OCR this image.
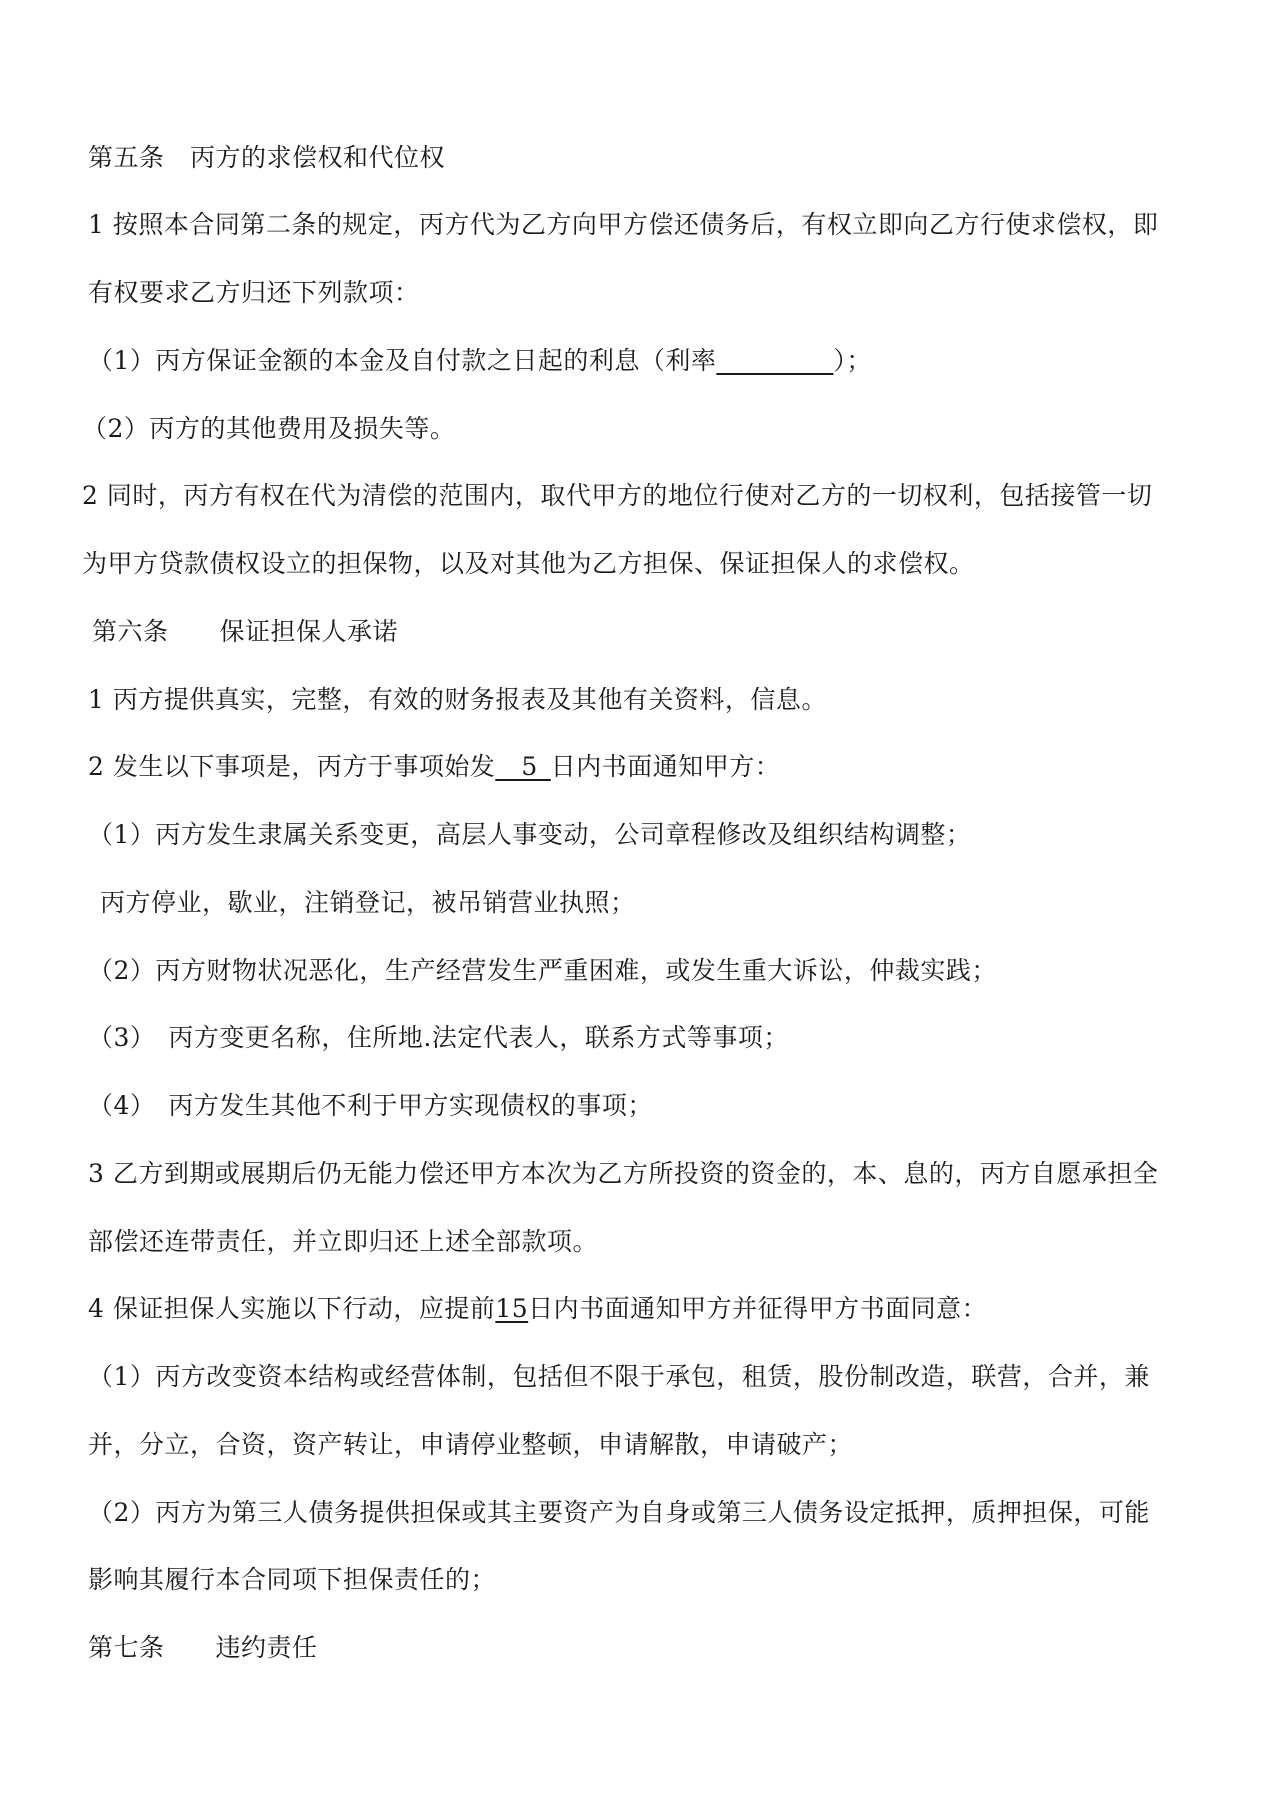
第五条　丙方的求偿权和代位权
1 按照本合同第二条的规定，丙方代为乙方向甲方偿还债务后，有权立即向乙方行使求偿权，即
有权要求乙方归还下列款项：
（1）丙方保证金额的本金及自付款之日起的利息（利率_________）；
（2）丙方的其他费用及损失等。
2 同时，丙方有权在代为清偿的范围内，取代甲方的地位行使对乙方的一切权利，包括接管一切
为甲方贷款债权设立的担保物，以及对其他为乙方担保、保证担保人的求偿权。
第六条　　保证担保人承诺
1 丙方提供真实，完整，有效的财务报表及其他有关资料，信息。
2 发生以下事项是，丙方于事项始发__5_日内书面通知甲方：
（1）丙方发生隶属关系变更，高层人事变动，公司章程修改及组织结构调整；
丙方停业，歇业，注销登记，被吊销营业执照；
（2）丙方财物状况恶化，生产经营发生严重困难，或发生重大诉讼，仲裁实践；
（3）　丙方变更名称，住所地.法定代表人，联系方式等事项；
（4）　丙方发生其他不利于甲方实现债权的事项；
3 乙方到期或展期后仍无能力偿还甲方本次为乙方所投资的资金的，本、息的，丙方自愿承担全
部偿还连带责任，并立即归还上述全部款项。
4 保证担保人实施以下行动，应提前15日内书面通知甲方并征得甲方书面同意：
（1）丙方改变资本结构或经营体制，包括但不限于承包，租赁，股份制改造，联营，合并，兼
并，分立，合资，资产转让，申请停业整顿，申请解散，申请破产；
（2）丙方为第三人债务提供担保或其主要资产为自身或第三人债务设定抵押，质押担保，可能
影响其履行本合同项下担保责任的；
第七条　　违约责任
